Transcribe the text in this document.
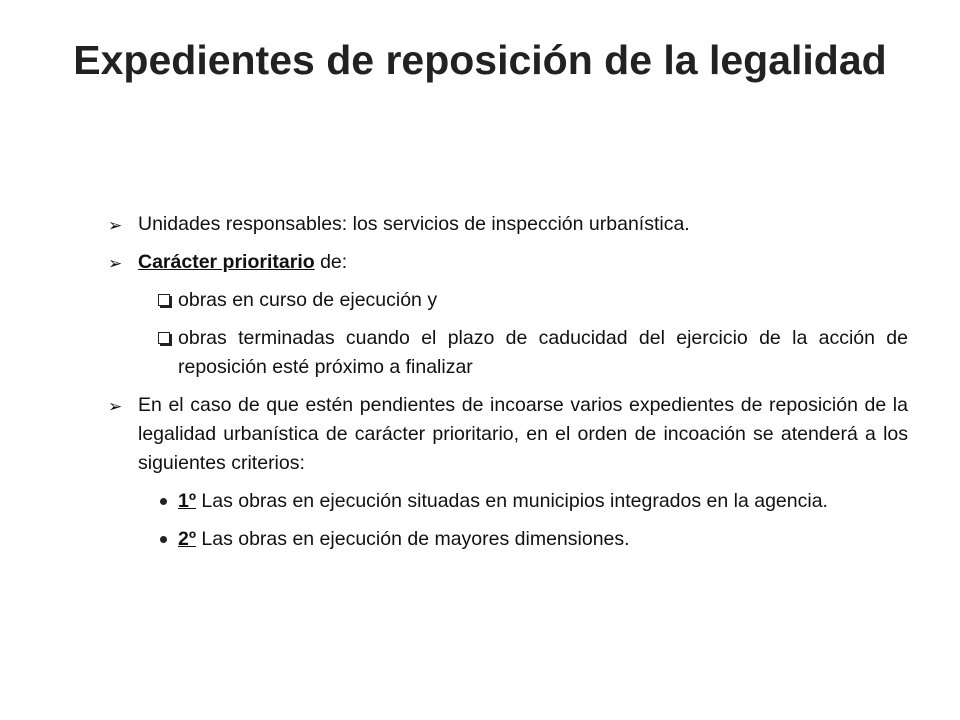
Expedientes de reposición de la legalidad
➢ Unidades responsables: los servicios de inspección urbanística.
➢ Carácter prioritario de:
obras en curso de ejecución y
obras terminadas cuando el plazo de caducidad del ejercicio de la acción de reposición esté próximo a finalizar
➢ En el caso de que estén pendientes de incoarse varios expedientes de reposición de la legalidad urbanística de carácter prioritario, en el orden de incoación se atenderá a los siguientes criterios:
1º Las obras en ejecución situadas en municipios integrados en la agencia.
2º Las obras en ejecución de mayores dimensiones.
